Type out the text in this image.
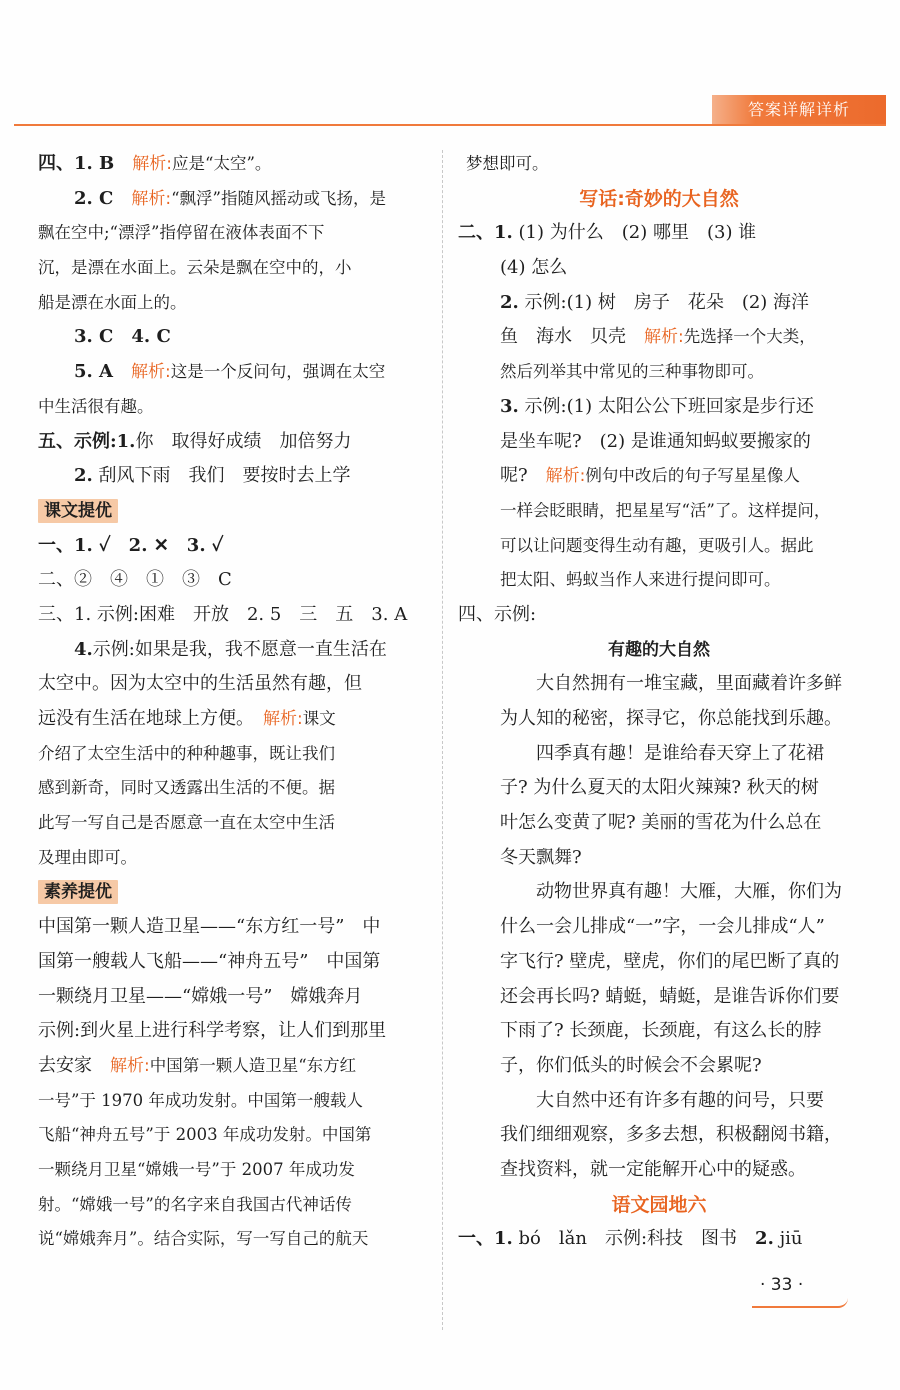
答案详解详析
四、1. B　 解析:应是“太空”。
2. C　 解析:“飘浮”指随风摇动或飞扬，是
飘在空中;“漂浮”指停留在液体表面不下
沉，是漂在水面上。云朵是飘在空中的，小
船是漂在水面上的。
3. C　4. C
5. A　 解析:这是一个反问句，强调在太空
中生活很有趣。
五、示例:1.你　取得好成绩　加倍努力
2. 刮风下雨　我们　要按时去上学
课文提优
一、1. ✓　2. ✕　3. ✓
二、②　④　①　③　C
三、1. 示例:困难　开放　2. 5　三　五　3. A
4.示例:如果是我，我不愿意一直生活在
太空中。因为太空中的生活虽然有趣，但
远没有生活在地球上方便。　 解析:课文
介绍了太空生活中的种种趣事，既让我们
感到新奇，同时又透露出生活的不便。据
此写一写自己是否愿意一直在太空中生活
及理由即可。
素养提优
中国第一颗人造卫星——“东方红一号”　中
国第一艘载人飞船——“神舟五号”　中国第
一颗绕月卫星——“嫦娥一号”　嫦娥奔月
示例:到火星上进行科学考察，让人们到那里
去安家　 解析:中国第一颗人造卫星“东方红
一号”于 1970 年成功发射。中国第一艘载人
飞船“神舟五号”于 2003 年成功发射。中国第
一颗绕月卫星“嫦娥一号”于 2007 年成功发
射。“嫦娥一号”的名字来自我国古代神话传
说“嫦娥奔月”。结合实际，写一写自己的航天
梦想即可。
写话:奇妙的大自然
二、1. (1) 为什么　(2) 哪里　(3) 谁
(4) 怎么
2. 示例:(1) 树　房子　花朵　(2) 海洋
鱼　海水　贝壳　 解析:先选择一个大类，
然后列举其中常见的三种事物即可。
3. 示例:(1) 太阳公公下班回家是步行还
是坐车呢?　(2) 是谁通知蚂蚁要搬家的
呢?　 解析:例句中改后的句子写星星像人
一样会眨眼睛，把星星写“活”了。这样提问，
可以让问题变得生动有趣，更吸引人。据此
把太阳、蚂蚁当作人来进行提问即可。
四、示例:
有趣的大自然
大自然拥有一堆宝藏，里面藏着许多鲜
为人知的秘密，探寻它，你总能找到乐趣。
四季真有趣！是谁给春天穿上了花裙
子? 为什么夏天的太阳火辣辣? 秋天的树
叶怎么变黄了呢? 美丽的雪花为什么总在
冬天飘舞?
动物世界真有趣！大雁，大雁，你们为
什么一会儿排成“一”字，一会儿排成“人”
字飞行? 壁虎，壁虎，你们的尾巴断了真的
还会再长吗? 蜻蜓，蜻蜓，是谁告诉你们要
下雨了? 长颈鹿，长颈鹿，有这么长的脖
子，你们低头的时候会不会累呢?
大自然中还有许多有趣的问号，只要
我们细细观察，多多去想，积极翻阅书籍，
查找资料，就一定能解开心中的疑惑。
语文园地六
一、1. bó　lǎn　示例:科技　图书　2. jiū
· 33 ·
